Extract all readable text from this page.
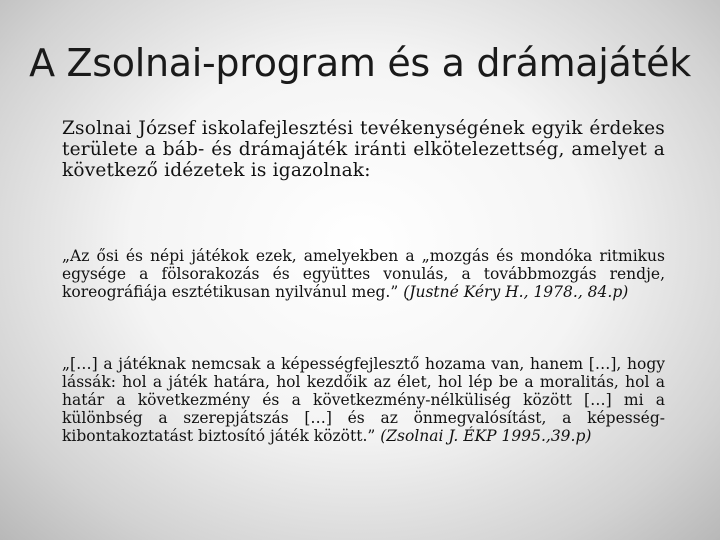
A Zsolnai-program és a drámajáték
Zsolnai József iskolafejlesztési tevékenységének egyik érdekes területe a báb- és drámajáték iránti elkötelezettség, amelyet a következő idézetek is igazolnak:
„Az ősi és népi játékok ezek, amelyekben a „mozgás és mondóka ritmikus egysége a fölsorakozás és együttes vonulás, a továbbmozgás rendje, koreográfiája esztétikusan nyilvánul meg.” (Justné Kéry H., 1978., 84.p)
„[…] a játéknak nemcsak a képességfejlesztő hozama van, hanem […], hogy lássák: hol a játék határa, hol kezdőik az élet, hol lép be a moralitás, hol a határ a következmény és a következmény-nélküliség között […] mi a különbség a szerepjátszás […] és az önmegvalósítást, a képesség-kibontakoztatást biztosító játék között.” (Zsolnai J. ÉKP 1995.,39.p)
